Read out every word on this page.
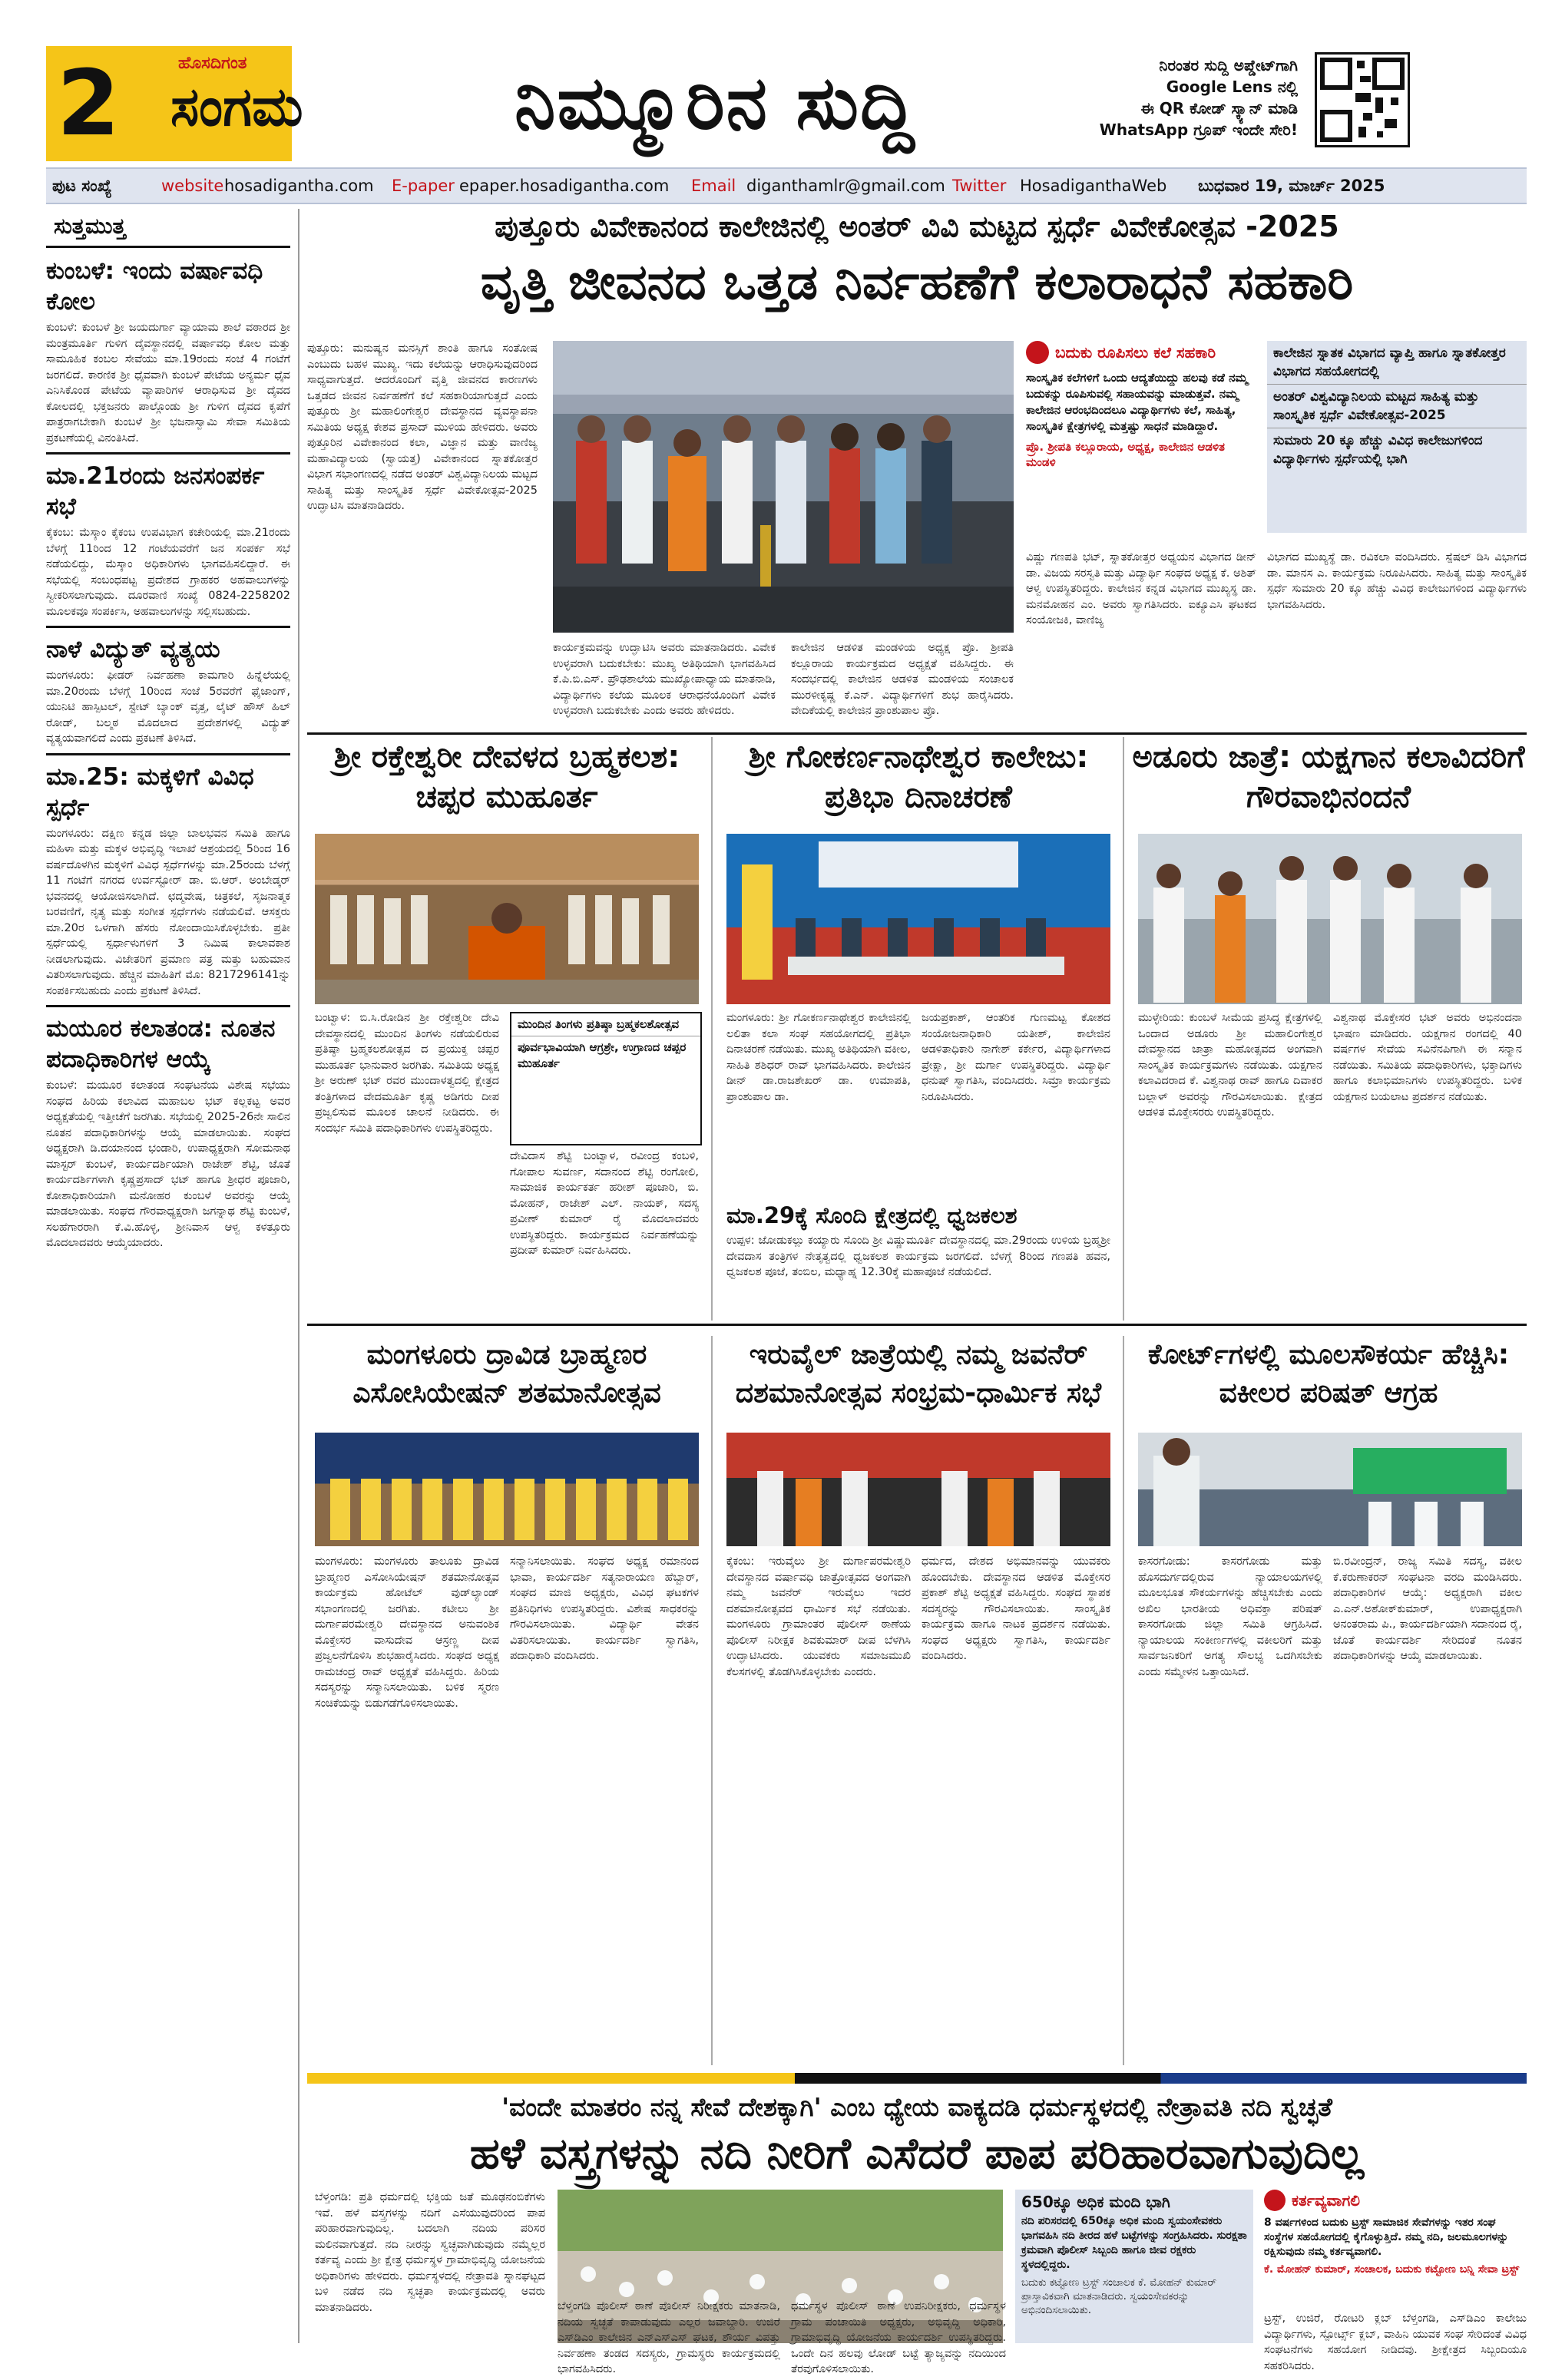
2	ಹೊಸದಿಗಂತ
ಸಂಗಮ	ನಿಮ್ಮೂರಿನ ಸುದ್ದಿ	ನಿರಂತರ ಸುದ್ದಿ ಅಪ್ಡೇಟ್‌ಗಾಗಿ
Google Lens ನಲ್ಲಿ
ಈ QR ಕೋಡ್ ಸ್ಕ್ಯಾನ್ ಮಾಡಿ
WhatsApp ಗ್ರೂಪ್ ಇಂದೇ ಸೇರಿ!
ಪುಟ ಸಂಖ್ಯೆ	website hosadigantha.com E-paper epaper.hosadigantha.com Email diganthamlr@gmail.com Twitter HosadiganthaWeb ಬುಧವಾರ 19, ಮಾರ್ಚ್ 2025
ಸುತ್ತಮುತ್ತ

ಕುಂಬಳೆ: ಇಂದು ವರ್ಷಾವಧಿ ಕೋಲ

ಕುಂಬಳೆ: ಕುಂಬಳೆ ಶ್ರೀ ಜಯದುರ್ಗಾ ವ್ಯಾಯಾಮ ಶಾಲೆ ವಠಾರದ ಶ್ರೀ ಮಂತ್ರಮೂರ್ತಿ ಗುಳಿಗ ದೈವಸ್ಥಾನದಲ್ಲಿ ವರ್ಷಾವಧಿ ಕೋಲ ಮತ್ತು ಸಾಮೂಹಿಕ ಕಂಬಲ ಸೇವೆಯು ಮಾ.19ರಂದು ಸಂಜೆ 4 ಗಂಟೆಗೆ ಜರಗಲಿದೆ. ಕಾರಣಿಕ ಶ್ರೀ ಧೈವವಾಗಿ ಕುಂಬಳೆ ಪೇಟೆಯ ಅನ್ಯರ್ಮ ಧೈವ ಎನಿಸಿಕೊಂಡ ಪೇಟೆಯ ವ್ಯಾಪಾರಿಗಳ ಆರಾಧಿಸುವ ಶ್ರೀ ದೈವದ ಕೋಲದಲ್ಲಿ ಭಕ್ತಜನರು ಪಾಲ್ಗೊಂಡು ಶ್ರೀ ಗುಳಿಗ ದೈವದ ಕೃಪೆಗೆ ಪಾತ್ರರಾಗಬೇಕಾಗಿ ಕುಂಬಳೆ ಶ್ರೀ ಭಜನಾಸ್ವಾಮಿ ಸೇವಾ ಸಮಿತಿಯ ಪ್ರಕಟಣೆಯಲ್ಲಿ ವಿನಂತಿಸಿದೆ.

ಮಾ.21ರಂದು ಜನಸಂಪರ್ಕ ಸಭೆ

ಕೈಕಂಬ: ಮೆಸ್ಕಾಂ ಕೈಕಂಬ ಉಪವಿಭಾಗ ಕಚೇರಿಯಲ್ಲಿ ಮಾ.21ರಂದು ಬೆಳಗ್ಗೆ 11ರಿಂದ 12 ಗಂಟೆಯವರೆಗೆ ಜನ ಸಂಪರ್ಕ ಸಭೆ ನಡೆಯಲಿದ್ದು, ಮೆಸ್ಕಾಂ ಅಧಿಕಾರಿಗಳು ಭಾಗವಹಿಸಲಿದ್ದಾರೆ. ಈ ಸಭೆಯಲ್ಲಿ ಸಂಬಂಧಪಟ್ಟ ಪ್ರದೇಶದ ಗ್ರಾಹಕರ ಅಹವಾಲುಗಳನ್ನು ಸ್ವೀಕರಿಸಲಾಗುವುದು. ದೂರವಾಣಿ ಸಂಖ್ಯೆ 0824-2258202 ಮೂಲಕವೂ ಸಂಪರ್ಕಿಸಿ, ಅಹವಾಲುಗಳನ್ನು ಸಲ್ಲಿಸಬಹುದು.

ನಾಳೆ ವಿದ್ಯುತ್ ವ್ಯತ್ಯಯ

ಮಂಗಳೂರು: ಫೀಡರ್ ನಿರ್ವಹಣಾ ಕಾಮಗಾರಿ ಹಿನ್ನೆಲೆಯಲ್ಲಿ ಮಾ.20ರಂದು ಬೆಳಗ್ಗೆ 10ರಿಂದ ಸಂಜೆ 5ರವರೆಗೆ ಫೈಜಾಂಗ್, ಯುನಿಟಿ ಹಾಸ್ಪಿಟಲ್, ಸ್ಟೇಟ್ ಬ್ಯಾಂಕ್ ವೃತ್ತ, ಲೈಟ್ ಹೌಸ್ ಹಿಲ್ ರೋಡ್, ಬಲ್ಮಠ ಮೊದಲಾದ ಪ್ರದೇಶಗಳಲ್ಲಿ ವಿದ್ಯುತ್ ವ್ಯತ್ಯಯವಾಗಲಿದೆ ಎಂದು ಪ್ರಕಟಣೆ ತಿಳಿಸಿದೆ.

ಮಾ.25: ಮಕ್ಕಳಿಗೆ ವಿವಿಧ ಸ್ಪರ್ಧೆ

ಮಂಗಳೂರು: ದಕ್ಷಿಣ ಕನ್ನಡ ಜಿಲ್ಲಾ ಬಾಲಭವನ ಸಮಿತಿ ಹಾಗೂ ಮಹಿಳಾ ಮತ್ತು ಮಕ್ಕಳ ಅಭಿವೃದ್ಧಿ ಇಲಾಖೆ ಆಶ್ರಯದಲ್ಲಿ 5ರಿಂದ 16 ವರ್ಷದೊಳಗಿನ ಮಕ್ಕಳಿಗೆ ವಿವಿಧ ಸ್ಪರ್ಧೆಗಳನ್ನು ಮಾ.25ರಂದು ಬೆಳಗ್ಗೆ 11 ಗಂಟೆಗೆ ನಗರದ ಉರ್ವಸ್ಟೋರ್ ಡಾ. ಬಿ.ಆರ್. ಅಂಬೇಡ್ಕರ್ ಭವನದಲ್ಲಿ ಆಯೋಜಿಸಲಾಗಿದೆ. ಛದ್ಮವೇಷ, ಚಿತ್ರಕಲೆ, ಸೃಜನಾತ್ಮಕ ಬರವಣಿಗೆ, ನೃತ್ಯ ಮತ್ತು ಸಂಗೀತ ಸ್ಪರ್ಧೆಗಳು ನಡೆಯಲಿವೆ. ಆಸಕ್ತರು ಮಾ.20ರ ಒಳಗಾಗಿ ಹೆಸರು ನೋಂದಾಯಿಸಿಕೊಳ್ಳಬೇಕು. ಪ್ರತೀ ಸ್ಪರ್ಧೆಯಲ್ಲಿ ಸ್ಪರ್ಧಾಳುಗಳಿಗೆ 3 ನಿಮಿಷ ಕಾಲಾವಕಾಶ ನೀಡಲಾಗುವುದು. ವಿಜೇತರಿಗೆ ಪ್ರಮಾಣ ಪತ್ರ ಮತ್ತು ಬಹುಮಾನ ವಿತರಿಸಲಾಗುವುದು. ಹೆಚ್ಚಿನ ಮಾಹಿತಿಗೆ ಮೊ: 8217296141ನ್ನು ಸಂಪರ್ಕಿಸಬಹುದು ಎಂದು ಪ್ರಕಟಣೆ ತಿಳಿಸಿದೆ.

ಮಯೂರ ಕಲಾತಂಡ: ನೂತನ ಪದಾಧಿಕಾರಿಗಳ ಆಯ್ಕೆ

ಕುಂಬಳೆ: ಮಯೂರ ಕಲಾತಂಡ ಸಂಘಟನೆಯ ವಿಶೇಷ ಸಭೆಯು ಸಂಘದ ಹಿರಿಯ ಕಲಾವಿದ ಮಹಾಬಲ ಭಟ್ ಕಲ್ಲಕಟ್ಟ ಅವರ ಅಧ್ಯಕ್ಷತೆಯಲ್ಲಿ ಇತ್ತೀಚೆಗೆ ಜರಗಿತು. ಸಭೆಯಲ್ಲಿ 2025-26ನೇ ಸಾಲಿನ ನೂತನ ಪದಾಧಿಕಾರಿಗಳನ್ನು ಆಯ್ಕೆ ಮಾಡಲಾಯಿತು. ಸಂಘದ ಅಧ್ಯಕ್ಷರಾಗಿ ಡಿ.ದಯಾನಂದ ಭಂಡಾರಿ, ಉಪಾಧ್ಯಕ್ಷರಾಗಿ ಸೋಮನಾಥ ಮಾಸ್ಟರ್ ಕುಂಬಳೆ, ಕಾರ್ಯದರ್ಶಿಯಾಗಿ ರಾಜೇಶ್ ಶೆಟ್ಟಿ, ಜೊತೆ ಕಾರ್ಯದರ್ಶಿಗಳಾಗಿ ಕೃಷ್ಣಪ್ರಸಾದ್ ಭಟ್ ಹಾಗೂ ಶ್ರೀಧರ ಪೂಜಾರಿ, ಕೋಶಾಧಿಕಾರಿಯಾಗಿ ಮನೋಹರ ಕುಂಬಳೆ ಅವರನ್ನು ಆಯ್ಕೆ ಮಾಡಲಾಯಿತು. ಸಂಘದ ಗೌರವಾಧ್ಯಕ್ಷರಾಗಿ ಜಗನ್ನಾಥ ಶೆಟ್ಟಿ ಕುಂಬಳೆ, ಸಲಹೆಗಾರರಾಗಿ ಕೆ.ವಿ.ಹೊಳ್ಳ, ಶ್ರೀನಿವಾಸ ಆಳ್ವ ಕಳತ್ತೂರು ಮೊದಲಾದವರು ಆಯ್ಕೆಯಾದರು.

ಪುತ್ತೂರು ವಿವೇಕಾನಂದ ಕಾಲೇಜಿನಲ್ಲಿ ಅಂತರ್ ವಿವಿ ಮಟ್ಟದ ಸ್ಪರ್ಧೆ ವಿವೇಕೋತ್ಸವ -2025
ವೃತ್ತಿ ಜೀವನದ ಒತ್ತಡ ನಿರ್ವಹಣೆಗೆ ಕಲಾರಾಧನೆ ಸಹಕಾರಿ
ಪುತ್ತೂರು: ಮನುಷ್ಯನ ಮನಸ್ಸಿಗೆ ಶಾಂತಿ ಹಾಗೂ ಸಂತೋಷ ಎಂಬುದು ಬಹಳ ಮುಖ್ಯ. ಇದು ಕಲೆಯನ್ನು ಆರಾಧಿಸುವುದರಿಂದ ಸಾಧ್ಯವಾಗುತ್ತದೆ. ಆದರೊಂದಿಗೆ ವೃತ್ತಿ ಜೀವನದ ಕಾರಣಗಳು ಒತ್ತಡದ ಜೀವನ ನಿರ್ವಹಣೆಗೆ ಕಲೆ ಸಹಕಾರಿಯಾಗುತ್ತದೆ ಎಂದು ಪುತ್ತೂರು ಶ್ರೀ ಮಹಾಲಿಂಗೇಶ್ವರ ದೇವಸ್ಥಾನದ ವ್ಯವಸ್ಥಾಪನಾ ಸಮಿತಿಯ ಅಧ್ಯಕ್ಷ ಕೇಶವ ಪ್ರಸಾದ್ ಮುಳಿಯ ಹೇಳಿದರು. ಅವರು ಪುತ್ತೂರಿನ ವಿವೇಕಾನಂದ ಕಲಾ, ವಿಜ್ಞಾನ ಮತ್ತು ವಾಣಿಜ್ಯ ಮಹಾವಿದ್ಯಾಲಯ (ಸ್ವಾಯತ್ತ) ವಿವೇಕಾನಂದ ಸ್ನಾತಕೋತ್ತರ ವಿಭಾಗ ಸಭಾಂಗಣದಲ್ಲಿ ನಡೆದ ಅಂತರ್ ವಿಶ್ವವಿದ್ಯಾನಿಲಯ ಮಟ್ಟದ ಸಾಹಿತ್ಯ ಮತ್ತು ಸಾಂಸ್ಕೃತಿಕ ಸ್ಪರ್ಧೆ ವಿವೇಕೋತ್ಸವ-2025 ಉದ್ಘಾಟಿಸಿ ಮಾತನಾಡಿದರು.
ಬದುಕು ರೂಪಿಸಲು ಕಲೆ ಸಹಕಾರಿ
ಸಾಂಸ್ಕೃತಿಕ ಕಲೆಗಳಿಗೆ ಒಂದು ಆದ್ಯತೆಯಿದ್ದು ಹಲವು ಕಡೆ ನಮ್ಮ ಬದುಕನ್ನು ರೂಪಿಸುವಲ್ಲಿ ಸಹಾಯವನ್ನು ಮಾಡುತ್ತವೆ. ನಮ್ಮ ಕಾಲೇಜಿನ ಆರಂಭದಿಂದಲೂ ವಿದ್ಯಾರ್ಥಿಗಳು ಕಲೆ, ಸಾಹಿತ್ಯ, ಸಾಂಸ್ಕೃತಿಕ ಕ್ಷೇತ್ರಗಳಲ್ಲಿ ಮತ್ತಷ್ಟು ಸಾಧನೆ ಮಾಡಿದ್ದಾರೆ.
ಪ್ರೊ. ಶ್ರೀಪತಿ ಕಲ್ಲೂರಾಯ, ಅಧ್ಯಕ್ಷ, ಕಾಲೇಜಿನ ಆಡಳಿತ ಮಂಡಳಿ
ಕಾಲೇಜಿನ ಸ್ನಾತಕ ವಿಭಾಗದ ವ್ಯಾಪ್ತಿ ಹಾಗೂ ಸ್ನಾತಕೋತ್ತರ ವಿಭಾಗದ ಸಹಯೋಗದಲ್ಲಿ
ಅಂತರ್ ವಿಶ್ವವಿದ್ಯಾನಿಲಯ ಮಟ್ಟದ ಸಾಹಿತ್ಯ ಮತ್ತು ಸಾಂಸ್ಕೃತಿಕ ಸ್ಪರ್ಧೆ ವಿವೇಕೋತ್ಸವ-2025
ಸುಮಾರು 20 ಕ್ಕೂ ಹೆಚ್ಚು ವಿವಿಧ ಕಾಲೇಜುಗಳಿಂದ ವಿದ್ಯಾರ್ಥಿಗಳು ಸ್ಪರ್ಧೆಯಲ್ಲಿ ಭಾಗಿ
ಕಾರ್ಯಕ್ರಮವನ್ನು ಉದ್ಘಾಟಿಸಿ ಅವರು ಮಾತನಾಡಿದರು. ವಿವೇಕ ಉಳ್ಳವರಾಗಿ ಬದುಕಬೇಕು: ಮುಖ್ಯ ಅತಿಥಿಯಾಗಿ ಭಾಗವಹಿಸಿದ ಕೆ.ಪಿ.ಬಿ.ಎಸ್‌. ಪ್ರೌಢಶಾಲೆಯ ಮುಖ್ಯೋಪಾಧ್ಯಾಯ ಮಾತನಾಡಿ, ವಿದ್ಯಾರ್ಥಿಗಳು ಕಲೆಯ ಮೂಲಕ ಆರಾಧನೆಯೊಂದಿಗೆ ವಿವೇಕ ಉಳ್ಳವರಾಗಿ ಬದುಕಬೇಕು ಎಂದು ಅವರು ಹೇಳಿದರು.
ಕಾಲೇಜಿನ ಆಡಳಿತ ಮಂಡಳಿಯ ಅಧ್ಯಕ್ಷ ಪ್ರೊ. ಶ್ರೀಪತಿ ಕಲ್ಲೂರಾಯ ಕಾರ್ಯಕ್ರಮದ ಅಧ್ಯಕ್ಷತೆ ವಹಿಸಿದ್ದರು. ಈ ಸಂದರ್ಭದಲ್ಲಿ ಕಾಲೇಜಿನ ಆಡಳಿತ ಮಂಡಳಿಯ ಸಂಚಾಲಕ ಮುರಳೀಕೃಷ್ಣ ಕೆ.ಎನ್‌. ವಿದ್ಯಾರ್ಥಿಗಳಿಗೆ ಶುಭ ಹಾರೈಸಿದರು. ವೇದಿಕೆಯಲ್ಲಿ ಕಾಲೇಜಿನ ಪ್ರಾಂಶುಪಾಲ ಪ್ರೊ.
ವಿಷ್ಣು ಗಣಪತಿ ಭಟ್, ಸ್ನಾತಕೋತ್ತರ ಅಧ್ಯಯನ ವಿಭಾಗದ ಡೀನ್ ಡಾ. ವಿಜಯ ಸರಸ್ವತಿ ಮತ್ತು ವಿದ್ಯಾರ್ಥಿ ಸಂಘದ ಅಧ್ಯಕ್ಷ ಕೆ. ಅಶಿತ್ ಆಳ್ವ ಉಪಸ್ಥಿತರಿದ್ದರು. ಕಾಲೇಜಿನ ಕನ್ನಡ ವಿಭಾಗದ ಮುಖ್ಯಸ್ಥ ಡಾ. ಮನಮೋಹನ ಎಂ. ಅವರು ಸ್ವಾಗತಿಸಿದರು. ಐಕ್ಯೂಎಸಿ ಘಟಕದ ಸಂಯೋಜಕಿ, ವಾಣಿಜ್ಯ
ವಿಭಾಗದ ಮುಖ್ಯಸ್ಥೆ ಡಾ. ರವಿಕಲಾ ವಂದಿಸಿದರು. ಸ್ಪೆಷಲ್ ಡಿಸಿ ವಿಭಾಗದ ಡಾ. ಮಾನಸ ಎ. ಕಾರ್ಯಕ್ರಮ ನಿರೂಪಿಸಿದರು. ಸಾಹಿತ್ಯ ಮತ್ತು ಸಾಂಸ್ಕೃತಿಕ ಸ್ಪರ್ಧೆ ಸುಮಾರು 20 ಕ್ಕೂ ಹೆಚ್ಚು ವಿವಿಧ ಕಾಲೇಜುಗಳಿಂದ ವಿದ್ಯಾರ್ಥಿಗಳು ಭಾಗವಹಿಸಿದರು.
ಶ್ರೀ ರಕ್ತೇಶ್ವರೀ ದೇವಳದ ಬ್ರಹ್ಮಕಲಶ: ಚಪ್ಪರ ಮುಹೂರ್ತ
ಬಂಟ್ವಾಳ: ಬಿ.ಸಿ.ರೋಡಿನ ಶ್ರೀ ರಕ್ತೇಶ್ವರೀ ದೇವಿ ದೇವಸ್ಥಾನದಲ್ಲಿ ಮುಂದಿನ ತಿಂಗಳು ನಡೆಯಲಿರುವ ಪ್ರತಿಷ್ಠಾ ಬ್ರಹ್ಮಕಲಶೋತ್ಸವ ದ ಪ್ರಯುಕ್ತ ಚಪ್ಪರ ಮುಹೂರ್ತ ಭಾನುವಾರ ಜರಗಿತು. ಸಮಿತಿಯ ಅಧ್ಯಕ್ಷ ಶ್ರೀ ಅರುಣ್ ಭಟ್ ರವರ ಮುಂದಾಳತ್ವದಲ್ಲಿ ಕ್ಷೇತ್ರದ ತಂತ್ರಿಗಳಾದ ವೇದಮೂರ್ತಿ ಕೃಷ್ಣ ಅಡಿಗರು ದೀಪ ಪ್ರಜ್ವಲಿಸುವ ಮೂಲಕ ಚಾಲನೆ ನೀಡಿದರು. ಈ ಸಂದರ್ಭ ಸಮಿತಿ ಪದಾಧಿಕಾರಿಗಳು ಉಪಸ್ಥಿತರಿದ್ದರು.
ಮುಂದಿನ ತಿಂಗಳು ಪ್ರತಿಷ್ಠಾ ಬ್ರಹ್ಮಕಲಶೋತ್ಸವ
ಪೂರ್ವಭಾವಿಯಾಗಿ ಆಗ್ರಶ್ರೇ, ಉಗ್ರಾಣದ ಚಪ್ಪರ ಮುಹೂರ್ತ
ದೇವಿದಾಸ ಶೆಟ್ಟಿ ಬಂಟ್ವಾಳ, ರವೀಂದ್ರ ಕಂಬಳಿ, ಗೋಪಾಲ ಸುವರ್ಣ, ಸದಾನಂದ ಶೆಟ್ಟಿ ರಂಗೋಲಿ, ಸಾಮಾಜಿಕ ಕಾರ್ಯಕರ್ತ ಹರೀಶ್ ಪೂಜಾರಿ, ಬಿ. ಮೋಹನ್, ರಾಜೇಶ್ ಎಲ್. ನಾಯಕ್, ಸದಸ್ಯ ಪ್ರವೀಣ್ ಕುಮಾರ್ ರೈ ಮೊದಲಾದವರು ಉಪಸ್ಥಿತರಿದ್ದರು. ಕಾರ್ಯಕ್ರಮದ ನಿರ್ವಹಣೆಯನ್ನು ಪ್ರದೀಪ್ ಕುಮಾರ್ ನಿರ್ವಹಿಸಿದರು.
ಶ್ರೀ ಗೋಕರ್ಣನಾಥೇಶ್ವರ ಕಾಲೇಜು: ಪ್ರತಿಭಾ ದಿನಾಚರಣೆ
ಮಂಗಳೂರು: ಶ್ರೀ ಗೋಕರ್ಣನಾಥೇಶ್ವರ ಕಾಲೇಜಿನಲ್ಲಿ ಲಲಿತಾ ಕಲಾ ಸಂಘ ಸಹಯೋಗದಲ್ಲಿ ಪ್ರತಿಭಾ ದಿನಾಚರಣೆ ನಡೆಯಿತು. ಮುಖ್ಯ ಅತಿಥಿಯಾಗಿ ವಕೀಲ, ಸಾಹಿತಿ ಶಶಿಧರ್ ರಾವ್ ಭಾಗವಹಿಸಿದರು. ಕಾಲೇಜಿನ ಡೀನ್ ಡಾ.ರಾಜಶೇಖರ್ ಡಾ. ಉಮಾಪತಿ, ಪ್ರಾಂಶುಪಾಲ ಡಾ.
ಜಯಪ್ರಕಾಶ್, ಆಂತರಿಕ ಗುಣಮಟ್ಟ ಕೋಶದ ಸಂಯೋಜನಾಧಿಕಾರಿ ಯತೀಶ್, ಕಾಲೇಜಿನ ಆಡಳಿತಾಧಿಕಾರಿ ನಾಗೇಶ್ ಕರ್ಕೇರ, ವಿದ್ಯಾರ್ಥಿಗಳಾದ ಪ್ರೇಕ್ಷಾ, ಶ್ರೀ ದುರ್ಗಾ ಉಪಸ್ಥಿತರಿದ್ದರು. ವಿದ್ಯಾರ್ಥಿ ಧನುಷ್ ಸ್ವಾಗತಿಸಿ, ವಂದಿಸಿದರು. ಸಿಮ್ರಾ ಕಾರ್ಯಕ್ರಮ ನಿರೂಪಿಸಿದರು.
ಮಾ.29ಕ್ಕೆ ಸೊಂದಿ ಕ್ಷೇತ್ರದಲ್ಲಿ ಧ್ವಜಕಲಶ
ಉಪ್ಪಳ: ಜೋಡುಕಲ್ಲು ಕಯ್ಯಾರು ಸೊಂದಿ ಶ್ರೀ ವಿಷ್ಣುಮೂರ್ತಿ ದೇವಸ್ಥಾನದಲ್ಲಿ ಮಾ.29ರಂದು ಉಳಿಯ ಬ್ರಹ್ಮಶ್ರೀ ದೇವದಾಸ ತಂತ್ರಿಗಳ ನೇತೃತ್ವದಲ್ಲಿ ಧ್ವಜಕಲಶ ಕಾರ್ಯಕ್ರಮ ಜರಗಲಿದೆ. ಬೆಳಗ್ಗೆ 8ರಿಂದ ಗಣಪತಿ ಹವನ, ಧ್ವಜಕಲಶ ಪೂಜೆ, ತಂಬಿಲ, ಮಧ್ಯಾಹ್ನ 12.30ಕ್ಕೆ ಮಹಾಪೂಜೆ ನಡೆಯಲಿದೆ.
ಅಡೂರು ಜಾತ್ರೆ: ಯಕ್ಷಗಾನ ಕಲಾವಿದರಿಗೆ ಗೌರವಾಭಿನಂದನೆ
ಮುಳ್ಳೇರಿಯ: ಕುಂಬಳೆ ಸೀಮೆಯ ಪ್ರಸಿದ್ಧ ಕ್ಷೇತ್ರಗಳಲ್ಲಿ ಒಂದಾದ ಅಡೂರು ಶ್ರೀ ಮಹಾಲಿಂಗೇಶ್ವರ ದೇವಸ್ಥಾನದ ಜಾತ್ರಾ ಮಹೋತ್ಸವದ ಅಂಗವಾಗಿ ಸಾಂಸ್ಕೃತಿಕ ಕಾರ್ಯಕ್ರಮಗಳು ನಡೆಯಿತು. ಯಕ್ಷಗಾನ ಕಲಾವಿದರಾದ ಕೆ. ವಿಶ್ವನಾಥ ರಾವ್ ಹಾಗೂ ದಿವಾಕರ ಬಲ್ಲಾಳ್ ಅವರನ್ನು ಗೌರವಿಸಲಾಯಿತು. ಕ್ಷೇತ್ರದ ಆಡಳಿತ ಮೊಕ್ತೇಸರರು ಉಪಸ್ಥಿತರಿದ್ದರು.
ವಿಶ್ವನಾಥ ಮೊಕ್ತೇಸರ ಭಟ್ ಅವರು ಅಭಿನಂದನಾ ಭಾಷಣ ಮಾಡಿದರು. ಯಕ್ಷಗಾನ ರಂಗದಲ್ಲಿ 40 ವರ್ಷಗಳ ಸೇವೆಯ ಸವಿನೆನಪಿಗಾಗಿ ಈ ಸನ್ಮಾನ ನಡೆಯಿತು. ಸಮಿತಿಯ ಪದಾಧಿಕಾರಿಗಳು, ಭಕ್ತಾದಿಗಳು ಹಾಗೂ ಕಲಾಭಿಮಾನಿಗಳು ಉಪಸ್ಥಿತರಿದ್ದರು. ಬಳಿಕ ಯಕ್ಷಗಾನ ಬಯಲಾಟ ಪ್ರದರ್ಶನ ನಡೆಯಿತು.
ಮಂಗಳೂರು ದ್ರಾವಿಡ ಬ್ರಾಹ್ಮಣರ ಎಸೋಸಿಯೇಷನ್ ಶತಮಾನೋತ್ಸವ
ಮಂಗಳೂರು: ಮಂಗಳೂರು ತಾಲೂಕು ದ್ರಾವಿಡ ಬ್ರಾಹ್ಮಣರ ಎಸೋಸಿಯೇಷನ್ ಶತಮಾನೋತ್ಸವ ಕಾರ್ಯಕ್ರಮ ಹೋಟೆಲ್ ವುಡ್‌ಲ್ಯಾಂಡ್ ಸಭಾಂಗಣದಲ್ಲಿ ಜರಗಿತು. ಕಟೀಲು ಶ್ರೀ ದುರ್ಗಾಪರಮೇಶ್ವರಿ ದೇವಸ್ಥಾನದ ಅನುವಂಶಿಕ ಮೊಕ್ತೇಸರ ವಾಸುದೇವ ಆಸ್ರಣ್ಣ ದೀಪ ಪ್ರಜ್ವಲನೆಗೊಳಿಸಿ ಶುಭಹಾರೈಸಿದರು. ಸಂಘದ ಅಧ್ಯಕ್ಷ ರಾಮಚಂದ್ರ ರಾವ್ ಅಧ್ಯಕ್ಷತೆ ವಹಿಸಿದ್ದರು. ಹಿರಿಯ ಸದಸ್ಯರನ್ನು ಸನ್ಮಾನಿಸಲಾಯಿತು. ಬಳಿಕ ಸ್ಮರಣ ಸಂಚಿಕೆಯನ್ನು ಬಿಡುಗಡೆಗೊಳಿಸಲಾಯಿತು.
ಸನ್ಮಾನಿಸಲಾಯಿತು. ಸಂಘದ ಅಧ್ಯಕ್ಷ ರಮಾನಂದ ಭಾವಾ, ಕಾರ್ಯದರ್ಶಿ ಸತ್ಯನಾರಾಯಣ ಹೆಬ್ಬಾರ್, ಸಂಘದ ಮಾಜಿ ಅಧ್ಯಕ್ಷರು, ವಿವಿಧ ಘಟಕಗಳ ಪ್ರತಿನಿಧಿಗಳು ಉಪಸ್ಥಿತರಿದ್ದರು. ವಿಶೇಷ ಸಾಧಕರನ್ನು ಗೌರವಿಸಲಾಯಿತು. ವಿದ್ಯಾರ್ಥಿ ವೇತನ ವಿತರಿಸಲಾಯಿತು. ಕಾರ್ಯದರ್ಶಿ ಸ್ವಾಗತಿಸಿ, ಪದಾಧಿಕಾರಿ ವಂದಿಸಿದರು.
ಇರುವೈಲ್ ಜಾತ್ರೆಯಲ್ಲಿ ನಮ್ಮ ಜವನೆರ್ ದಶಮಾನೋತ್ಸವ ಸಂಭ್ರಮ-ಧಾರ್ಮಿಕ ಸಭೆ
ಕೈಕಂಬ: ಇರುವೈಲು ಶ್ರೀ ದುರ್ಗಾಪರಮೇಶ್ವರಿ ದೇವಸ್ಥಾನದ ವರ್ಷಾವಧಿ ಜಾತ್ರೋತ್ಸವದ ಅಂಗವಾಗಿ ನಮ್ಮ ಜವನೆರ್ ಇರುವೈಲು ಇದರ ದಶಮಾನೋತ್ಸವದ ಧಾರ್ಮಿಕ ಸಭೆ ನಡೆಯಿತು. ಮಂಗಳೂರು ಗ್ರಾಮಾಂತರ ಪೊಲೀಸ್ ಠಾಣೆಯ ಪೊಲೀಸ್ ನಿರೀಕ್ಷಕ ಶಿವಕುಮಾರ್ ದೀಪ ಬೆಳಗಿಸಿ ಉದ್ಘಾಟಿಸಿದರು. ಯುವಕರು ಸಮಾಜಮುಖಿ ಕೆಲಸಗಳಲ್ಲಿ ತೊಡಗಿಸಿಕೊಳ್ಳಬೇಕು ಎಂದರು.
ಧರ್ಮದ, ದೇಶದ ಅಭಿಮಾನವನ್ನು ಯುವಕರು ಹೊಂದಬೇಕು. ದೇವಸ್ಥಾನದ ಆಡಳಿತ ಮೊಕ್ತೇಸರ ಪ್ರಕಾಶ್ ಶೆಟ್ಟಿ ಅಧ್ಯಕ್ಷತೆ ವಹಿಸಿದ್ದರು. ಸಂಘದ ಸ್ಥಾಪಕ ಸದಸ್ಯರನ್ನು ಗೌರವಿಸಲಾಯಿತು. ಸಾಂಸ್ಕೃತಿಕ ಕಾರ್ಯಕ್ರಮ ಹಾಗೂ ನಾಟಕ ಪ್ರದರ್ಶನ ನಡೆಯಿತು. ಸಂಘದ ಅಧ್ಯಕ್ಷರು ಸ್ವಾಗತಿಸಿ, ಕಾರ್ಯದರ್ಶಿ ವಂದಿಸಿದರು.
ಕೋರ್ಟ್‌ಗಳಲ್ಲಿ ಮೂಲಸೌಕರ್ಯ ಹೆಚ್ಚಿಸಿ: ವಕೀಲರ ಪರಿಷತ್ ಆಗ್ರಹ
ಕಾಸರಗೋಡು: ಕಾಸರಗೋಡು ಮತ್ತು ಹೊಸದುರ್ಗದಲ್ಲಿರುವ ನ್ಯಾಯಾಲಯಗಳಲ್ಲಿ ಮೂಲಭೂತ ಸೌಕರ್ಯಗಳನ್ನು ಹೆಚ್ಚಿಸಬೇಕು ಎಂದು ಅಖಿಲ ಭಾರತೀಯ ಅಧಿವಕ್ತಾ ಪರಿಷತ್ ಕಾಸರಗೋಡು ಜಿಲ್ಲಾ ಸಮಿತಿ ಆಗ್ರಹಿಸಿದೆ. ನ್ಯಾಯಾಲಯ ಸಂಕೀರ್ಣಗಳಲ್ಲಿ ವಕೀಲರಿಗೆ ಮತ್ತು ಸಾರ್ವಜನಿಕರಿಗೆ ಅಗತ್ಯ ಸೌಲಭ್ಯ ಒದಗಿಸಬೇಕು ಎಂದು ಸಮ್ಮೇಳನ ಒತ್ತಾಯಿಸಿದೆ.
ಬಿ.ರವೀಂದ್ರನ್, ರಾಜ್ಯ ಸಮಿತಿ ಸದಸ್ಯ, ವಕೀಲ ಕೆ.ಕರುಣಾಕರನ್ ಸಂಘಟನಾ ವರದಿ ಮಂಡಿಸಿದರು. ಪದಾಧಿಕಾರಿಗಳ ಆಯ್ಕೆ: ಅಧ್ಯಕ್ಷರಾಗಿ ವಕೀಲ ಎ.ಎನ್.ಅಶೋಕ್‌ಕುಮಾರ್, ಉಪಾಧ್ಯಕ್ಷರಾಗಿ ಅನಂತರಾಮ ಪಿ., ಕಾರ್ಯದರ್ಶಿಯಾಗಿ ಸದಾನಂದ ರೈ, ಜೊತೆ ಕಾರ್ಯದರ್ಶಿ ಸೇರಿದಂತೆ ನೂತನ ಪದಾಧಿಕಾರಿಗಳನ್ನು ಆಯ್ಕೆ ಮಾಡಲಾಯಿತು.
'ವಂದೇ ಮಾತರಂ ನನ್ನ ಸೇವೆ ದೇಶಕ್ಕಾಗಿ' ಎಂಬ ಧ್ಯೇಯ ವಾಕ್ಯದಡಿ ಧರ್ಮಸ್ಥಳದಲ್ಲಿ ನೇತ್ರಾವತಿ ನದಿ ಸ್ವಚ್ಛತೆ
ಹಳೆ ವಸ್ತ್ರಗಳನ್ನು ನದಿ ನೀರಿಗೆ ಎಸೆದರೆ ಪಾಪ ಪರಿಹಾರವಾಗುವುದಿಲ್ಲ
ಬೆಳ್ತಂಗಡಿ: ಪ್ರತಿ ಧರ್ಮದಲ್ಲಿ ಭಕ್ತಿಯ ಜತೆ ಮೂಢನಂಬಿಕೆಗಳು ಇವೆ. ಹಳೆ ವಸ್ತ್ರಗಳನ್ನು ನದಿಗೆ ಎಸೆಯುವುದರಿಂದ ಪಾಪ ಪರಿಹಾರವಾಗುವುದಿಲ್ಲ. ಬದಲಾಗಿ ನದಿಯ ಪರಿಸರ ಮಲಿನವಾಗುತ್ತದೆ. ನದಿ ನೀರನ್ನು ಸ್ವಚ್ಛವಾಗಿಡುವುದು ನಮ್ಮೆಲ್ಲರ ಕರ್ತವ್ಯ ಎಂದು ಶ್ರೀ ಕ್ಷೇತ್ರ ಧರ್ಮಸ್ಥಳ ಗ್ರಾಮಾಭಿವೃದ್ಧಿ ಯೋಜನೆಯ ಅಧಿಕಾರಿಗಳು ಹೇಳಿದರು. ಧರ್ಮಸ್ಥಳದಲ್ಲಿ ನೇತ್ರಾವತಿ ಸ್ನಾನಘಟ್ಟದ ಬಳಿ ನಡೆದ ನದಿ ಸ್ವಚ್ಛತಾ ಕಾರ್ಯಕ್ರಮದಲ್ಲಿ ಅವರು ಮಾತನಾಡಿದರು.
650ಕ್ಕೂ ಅಧಿಕ ಮಂದಿ ಭಾಗಿ
ನದಿ ಪರಿಸರದಲ್ಲಿ 650ಕ್ಕೂ ಅಧಿಕ ಮಂದಿ ಸ್ವಯಂಸೇವಕರು ಭಾಗವಹಿಸಿ ನದಿ ತೀರದ ಹಳೆ ಬಟ್ಟೆಗಳನ್ನು ಸಂಗ್ರಹಿಸಿದರು. ಸುರಕ್ಷತಾ ಕ್ರಮವಾಗಿ ಪೊಲೀಸ್ ಸಿಬ್ಬಂದಿ ಹಾಗೂ ಜೀವ ರಕ್ಷಕರು ಸ್ಥಳದಲ್ಲಿದ್ದರು.
ಬದುಕು ಕಟ್ಟೋಣ ಟ್ರಸ್ಟ್ ಸಂಚಾಲಕ ಕೆ. ಮೋಹನ್ ಕುಮಾರ್ ಪ್ರಾಸ್ತಾವಿಕವಾಗಿ ಮಾತನಾಡಿದರು. ಸ್ವಯಂಸೇವಕರನ್ನು ಅಭಿನಂದಿಸಲಾಯಿತು.
ಕರ್ತವ್ಯವಾಗಲಿ
8 ವರ್ಷಗಳಿಂದ ಬದುಕು ಟ್ರಸ್ಟ್ ಸಾಮಾಜಿಕ ಸೇವೆಗಳನ್ನು ಇತರ ಸಂಘ ಸಂಸ್ಥೆಗಳ ಸಹಯೋಗದಲ್ಲಿ ಕೈಗೊಳ್ಳುತ್ತಿದೆ. ನಮ್ಮ ನದಿ, ಜಲಮೂಲಗಳನ್ನು ರಕ್ಷಿಸುವುದು ನಮ್ಮ ಕರ್ತವ್ಯವಾಗಲಿ.
ಕೆ. ಮೋಹನ್ ಕುಮಾರ್, ಸಂಚಾಲಕ, ಬದುಕು ಕಟ್ಟೋಣ ಬನ್ನಿ ಸೇವಾ ಟ್ರಸ್ಟ್
ಬೆಳ್ತಂಗಡಿ ಪೊಲೀಸ್ ಠಾಣೆ ಪೊಲೀಸ್ ನಿರೀಕ್ಷಕರು ಮಾತನಾಡಿ, ನದಿಯ ಸ್ವಚ್ಛತೆ ಕಾಪಾಡುವುದು ಎಲ್ಲರ ಜವಾಬ್ದಾರಿ. ಉಜಿರೆ ಎಸ್‌ಡಿಎಂ ಕಾಲೇಜಿನ ಎನ್‌ಎಸ್‌ಎಸ್ ಘಟಕ, ಶೌರ್ಯ ವಿಪತ್ತು ನಿರ್ವಹಣಾ ತಂಡದ ಸದಸ್ಯರು, ಗ್ರಾಮಸ್ಥರು ಕಾರ್ಯಕ್ರಮದಲ್ಲಿ ಭಾಗವಹಿಸಿದರು.
ಧರ್ಮಸ್ಥಳ ಪೊಲೀಸ್ ಠಾಣೆ ಉಪನಿರೀಕ್ಷಕರು, ಧರ್ಮಸ್ಥಳ ಗ್ರಾಮ ಪಂಚಾಯಿತಿ ಅಧ್ಯಕ್ಷರು, ಅಭಿವೃದ್ಧಿ ಅಧಿಕಾರಿ, ಗ್ರಾಮಾಭಿವೃದ್ಧಿ ಯೋಜನೆಯ ಕಾರ್ಯದರ್ಶಿ ಉಪಸ್ಥಿತರಿದ್ದರು. ಒಂದೇ ದಿನ ಹಲವು ಲೋಡ್ ಬಟ್ಟೆ ತ್ಯಾಜ್ಯವನ್ನು ನದಿಯಿಂದ ತೆರವುಗೊಳಿಸಲಾಯಿತು.
ಟ್ರಸ್ಟ್, ಉಜಿರೆ, ರೋಟರಿ ಕ್ಲಬ್ ಬೆಳ್ತಂಗಡಿ, ಎಸ್‌ಡಿಎಂ ಕಾಲೇಜು ವಿದ್ಯಾರ್ಥಿಗಳು, ಸ್ಪೋರ್ಟ್ಸ್ ಕ್ಲಬ್, ವಾಹಿನಿ ಯುವಕ ಸಂಘ ಸೇರಿದಂತೆ ವಿವಿಧ ಸಂಘಟನೆಗಳು ಸಹಯೋಗ ನೀಡಿದವು. ಶ್ರೀಕ್ಷೇತ್ರದ ಸಿಬ್ಬಂದಿಯೂ ಸಹಕರಿಸಿದರು.
